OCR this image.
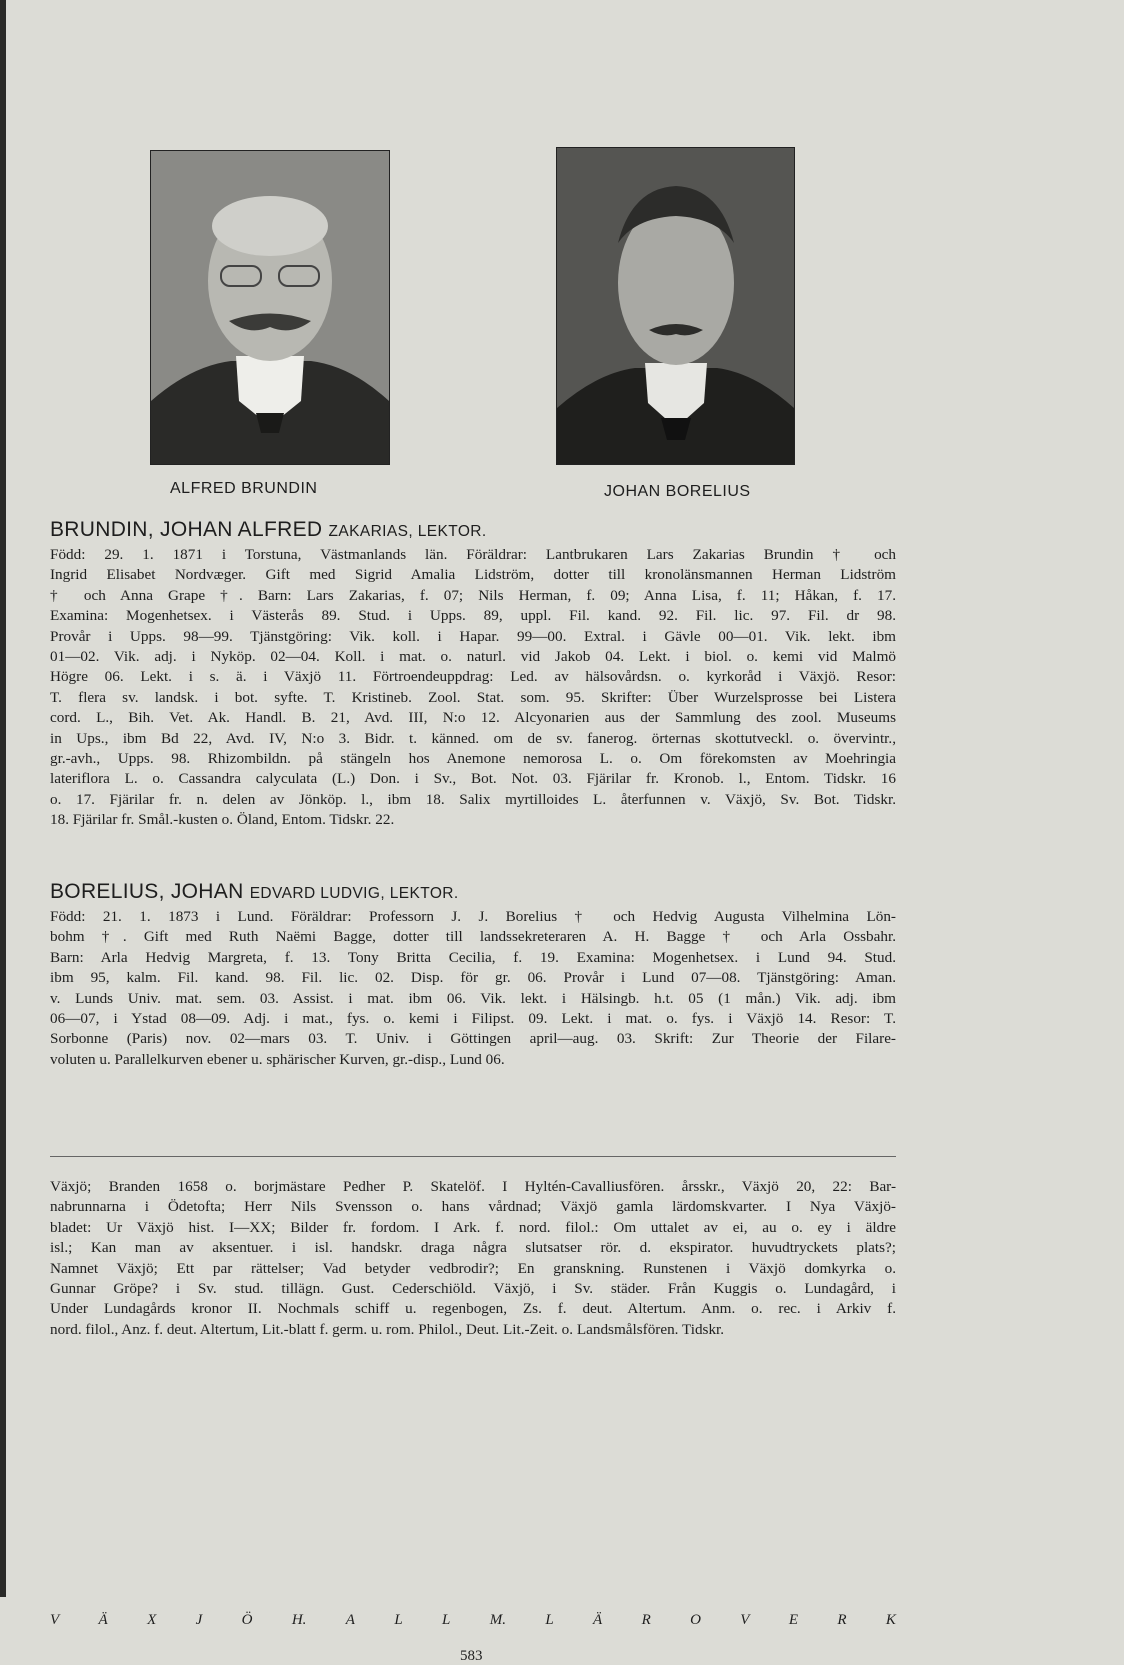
ALFRED BRUNDIN	JOHAN BORELIUS
BRUNDIN, JOHAN ALFRED ZAKARIAS, LEKTOR.
Född: 29. 1. 1871 i Torstuna, Västmanlands län. Föräldrar: Lantbrukaren Lars Zakarias Brundin † och
Ingrid Elisabet Nordvæger. Gift med Sigrid Amalia Lidström, dotter till kronolänsmannen Herman Lidström
† och Anna Grape †. Barn: Lars Zakarias, f. 07; Nils Herman, f. 09; Anna Lisa, f. 11; Håkan, f. 17.
Examina: Mogenhetsex. i Västerås 89. Stud. i Upps. 89, uppl. Fil. kand. 92. Fil. lic. 97. Fil. dr 98.
Provår i Upps. 98—99. Tjänstgöring: Vik. koll. i Hapar. 99—00. Extral. i Gävle 00—01. Vik. lekt. ibm
01—02. Vik. adj. i Nyköp. 02—04. Koll. i mat. o. naturl. vid Jakob 04. Lekt. i biol. o. kemi vid Malmö
Högre 06. Lekt. i s. ä. i Växjö 11. Förtroendeuppdrag: Led. av hälsovårdsn. o. kyrkoråd i Växjö. Resor:
T. flera sv. landsk. i bot. syfte. T. Kristineb. Zool. Stat. som. 95. Skrifter: Über Wurzelsprosse bei Listera
cord. L., Bih. Vet. Ak. Handl. B. 21, Avd. III, N:o 12. Alcyonarien aus der Sammlung des zool. Museums
in Ups., ibm Bd 22, Avd. IV, N:o 3. Bidr. t. känned. om de sv. fanerog. örternas skottutveckl. o. övervintr.,
gr.-avh., Upps. 98. Rhizombildn. på stängeln hos Anemone nemorosa L. o. Om förekomsten av Moehringia
lateriflora L. o. Cassandra calyculata (L.) Don. i Sv., Bot. Not. 03. Fjärilar fr. Kronob. l., Entom. Tidskr. 16
o. 17. Fjärilar fr. n. delen av Jönköp. l., ibm 18. Salix myrtilloides L. återfunnen v. Växjö, Sv. Bot. Tidskr.
18. Fjärilar fr. Smål.-kusten o. Öland, Entom. Tidskr. 22.
BORELIUS, JOHAN EDVARD LUDVIG, LEKTOR.
Född: 21. 1. 1873 i Lund. Föräldrar: Professorn J. J. Borelius † och Hedvig Augusta Vilhelmina Lön-
bohm †. Gift med Ruth Naëmi Bagge, dotter till landssekreteraren A. H. Bagge † och Arla Ossbahr.
Barn: Arla Hedvig Margreta, f. 13. Tony Britta Cecilia, f. 19. Examina: Mogenhetsex. i Lund 94. Stud.
ibm 95, kalm. Fil. kand. 98. Fil. lic. 02. Disp. för gr. 06. Provår i Lund 07—08. Tjänstgöring: Aman.
v. Lunds Univ. mat. sem. 03. Assist. i mat. ibm 06. Vik. lekt. i Hälsingb. h.t. 05 (1 mån.) Vik. adj. ibm
06—07, i Ystad 08—09. Adj. i mat., fys. o. kemi i Filipst. 09. Lekt. i mat. o. fys. i Växjö 14. Resor: T.
Sorbonne (Paris) nov. 02—mars 03. T. Univ. i Göttingen april—aug. 03. Skrift: Zur Theorie der Filare-
voluten u. Parallelkurven ebener u. sphärischer Kurven, gr.-disp., Lund 06.
Växjö; Branden 1658 o. borjmästare Pedher P. Skatelöf. I Hyltén-Cavalliusfören. årsskr., Växjö 20, 22: Bar-
nabrunnarna i Ödetofta; Herr Nils Svensson o. hans vårdnad; Växjö gamla lärdomskvarter. I Nya Växjö-
bladet: Ur Växjö hist. I—XX; Bilder fr. fordom. I Ark. f. nord. filol.: Om uttalet av ei, au o. ey i äldre
isl.; Kan man av aksentuer. i isl. handskr. draga några slutsatser rör. d. ekspirator. huvudtryckets plats?;
Namnet Växjö; Ett par rättelser; Vad betyder vedbrodir?; En granskning. Runstenen i Växjö domkyrka o.
Gunnar Gröpe? i Sv. stud. tillägn. Gust. Cederschiöld. Växjö, i Sv. städer. Från Kuggis o. Lundagård, i
Under Lundagårds kronor II. Nochmals schiff u. regenbogen, Zs. f. deut. Altertum. Anm. o. rec. i Arkiv f.
nord. filol., Anz. f. deut. Altertum, Lit.-blatt f. germ. u. rom. Philol., Deut. Lit.-Zeit. o. Landsmålsfören. Tidskr.
V	Ä	X	J	Ö	H.	A	L	L	M.	L	Ä	R	O	V	E	R	K
583
